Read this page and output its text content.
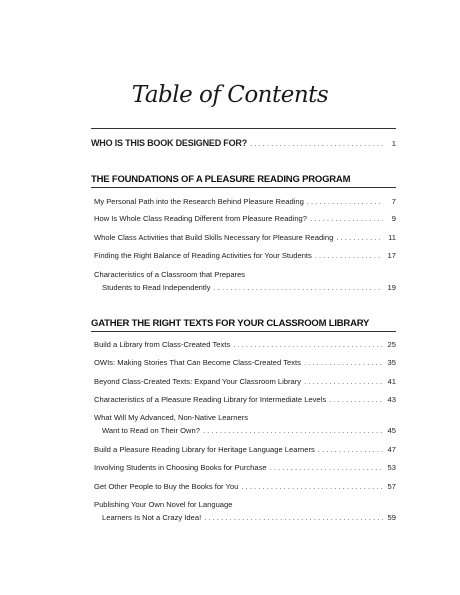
Table of Contents
WHO IS THIS BOOK DESIGNED FOR? . . .	1
THE FOUNDATIONS OF A PLEASURE READING PROGRAM
My Personal Path into the Research Behind Pleasure Reading . . .	7
How Is Whole Class Reading Different from Pleasure Reading? . . .	9
Whole Class Activities that Build Skills Necessary for Pleasure Reading . . .	11
Finding the Right Balance of Reading Activities for Your Students . . .	17
Characteristics of a Classroom that Prepares
Students to Read Independently . . .	19
GATHER THE RIGHT TEXTS FOR YOUR CLASSROOM LIBRARY
Build a Library from Class-Created Texts . . .	25
OWIs: Making Stories That Can Become Class-Created Texts . . .	35
Beyond Class-Created Texts: Expand Your Classroom Library . . .	41
Characteristics of a Pleasure Reading Library for Intermediate Levels . . .	43
What Will My Advanced, Non-Native Learners
Want to Read on Their Own? . . .	45
Build a Pleasure Reading Library for Heritage Language Learners . . .	47
Involving Students in Choosing Books for Purchase . . .	53
Get Other People to Buy the Books for You . . .	57
Publishing Your Own Novel for Language
Learners Is Not a Crazy Idea! . . .	59
